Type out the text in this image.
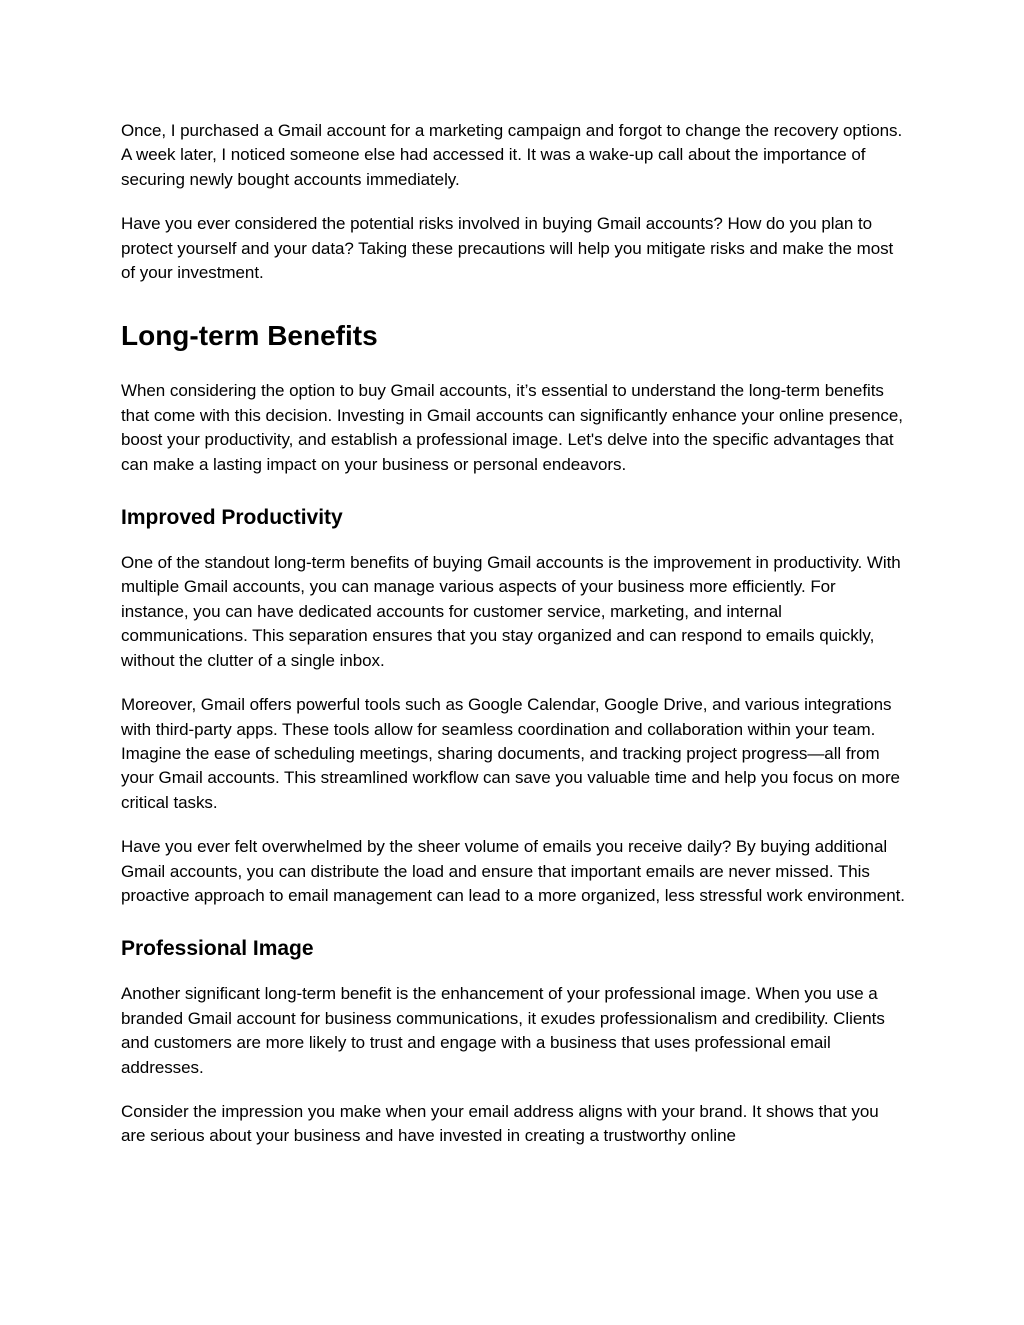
Once, I purchased a Gmail account for a marketing campaign and forgot to change the recovery options. A week later, I noticed someone else had accessed it. It was a wake-up call about the importance of securing newly bought accounts immediately.

Have you ever considered the potential risks involved in buying Gmail accounts? How do you plan to protect yourself and your data? Taking these precautions will help you mitigate risks and make the most of your investment.

Long-term Benefits

When considering the option to buy Gmail accounts, it’s essential to understand the long-term benefits that come with this decision. Investing in Gmail accounts can significantly enhance your online presence, boost your productivity, and establish a professional image. Let's delve into the specific advantages that can make a lasting impact on your business or personal endeavors.

Improved Productivity

One of the standout long-term benefits of buying Gmail accounts is the improvement in productivity. With multiple Gmail accounts, you can manage various aspects of your business more efficiently. For instance, you can have dedicated accounts for customer service, marketing, and internal communications. This separation ensures that you stay organized and can respond to emails quickly, without the clutter of a single inbox.

Moreover, Gmail offers powerful tools such as Google Calendar, Google Drive, and various integrations with third-party apps. These tools allow for seamless coordination and collaboration within your team. Imagine the ease of scheduling meetings, sharing documents, and tracking project progress—all from your Gmail accounts. This streamlined workflow can save you valuable time and help you focus on more critical tasks.

Have you ever felt overwhelmed by the sheer volume of emails you receive daily? By buying additional Gmail accounts, you can distribute the load and ensure that important emails are never missed. This proactive approach to email management can lead to a more organized, less stressful work environment.

Professional Image

Another significant long-term benefit is the enhancement of your professional image. When you use a branded Gmail account for business communications, it exudes professionalism and credibility. Clients and customers are more likely to trust and engage with a business that uses professional email addresses.

Consider the impression you make when your email address aligns with your brand. It shows that you are serious about your business and have invested in creating a trustworthy online
